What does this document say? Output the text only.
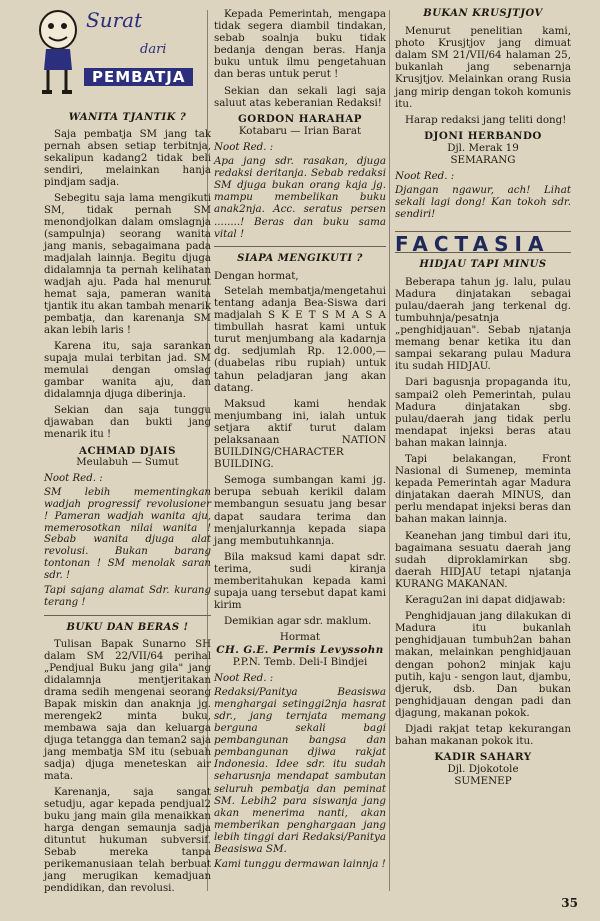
Surat
dari
PEMBATJA
WANITA TJANTIK ?

Saja pembatja SM jang tak pernah absen setiap terbitnja, sekalipun kadang2 tidak beli sendiri, melainkan hanja pindjam sadja.

Sebegitu saja lama mengikuti SM, tidak pernah SM menondjolkan dalam omslagnja (sampulnja) seorang wanita jang manis, sebagaimana pada madjalah lainnja. Begitu djuga didalamnja ta pernah kelihatan wadjah aju. Pada hal menurut hemat saja, pameran wanita tjantik itu akan tambah menarik pembatja, dan karenanja SM akan lebih laris !

Karena itu, saja sarankan supaja mulai terbitan jad. SM memulai dengan omslag gambar wanita aju, dan didalamnja djuga diberinja.

Sekian dan saja tunggu djawaban dan bukti jang menarik itu !

ACHMAD DJAIS
Meulabuh — Sumut
Noot Red. :

SM lebih mementingkan wadjah progressif revolusioner ! Pameran wadjah wanita aju, memerosotkan nilai wanita ! Sebab wanita djuga alat revolusi. Bukan barang tontonan ! SM menolak saran sdr. !

Tapi sajang alamat Sdr. kurang terang !

BUKU DAN BERAS !

Tulisan Bapak Sunarno SH dalam SM 22/VII/64 perihal „Pendjual Buku jang gila" jang didalamnja mentjeritakan drama sedih mengenai seorang Bapak miskin dan anaknja jg. merengek2 minta buku, membawa saja dan keluarga djuga tetangga dan teman2 saja jang membatja SM itu (sebuah sadja) djuga meneteskan air mata.

Karenanja, saja sangat setudju, agar kepada pendjual2 buku jang main gila menaikkan harga dengan semaunja sadja dituntut hukuman subversif. Sebab mereka tanpa perikemanusiaan telah berbuat jang merugikan kemadjuan pendidikan, dan revolusi.

Kepada Pemerintah, mengapa tidak segera diambil tindakan, sebab soalnja buku tidak bedanja dengan beras. Hanja buku untuk ilmu pengetahuan dan beras untuk perut !

Sekian dan sekali lagi saja saluut atas keberanian Redaksi!

GORDON HARAHAP
Kotabaru — Irian Barat
Noot Red. :

Apa jang sdr. rasakan, djuga redaksi deritanja. Sebab redaksi SM djuga bukan orang kaja jg. mampu membelikan buku anak2nja. Acc. seratus persen ........! Beras dan buku sama vital !

SIAPA MENGIKUTI ?

Dengan hormat,

Setelah membatja/mengetahui tentang adanja Bea-Siswa dari madjalah S K E T S M A S A timbullah hasrat kami untuk turut menjumbang ala kadarnja dg. sedjumlah Rp. 12.000,— (duabelas ribu rupiah) untuk tahun peladjaran jang akan datang.

Maksud kami hendak menjumbang ini, ialah untuk setjara aktif turut dalam pelaksanaan NATION BUILDING/CHARACTER BUILDING.

Semoga sumbangan kami jg. berupa sebuah kerikil dalam membangun sesuatu jang besar dapat saudara terima dan menjalurkannja kepada siapa jang membutuhkannja.

Bila maksud kami dapat sdr. terima, sudi kiranja memberitahukan kepada kami supaja uang tersebut dapat kami kirim

Demikian agar sdr. maklum.

Hormat
CH. G.E. Permis Levyssohn
P.P.N. Temb. Deli-I Bindjei
Noot Red. :

Redaksi/Panitya Beasiswa menghargai setinggi2nja hasrat sdr., jang ternjata memang berguna sekali bagi pembangunan bangsa dan pembangunan djiwa rakjat Indonesia. Idee sdr. itu sudah seharusnja mendapat sambutan seluruh pembatja dan peminat SM. Lebih2 para siswanja jang akan menerima nanti, akan memberikan penghargaan jang lebih tinggi dari Redaksi/Panitya Beasiswa SM.

Kami tunggu dermawan lainnja !

BUKAN KRUSJTJOV

Menurut penelitian kami, photo Krusjtjov jang dimuat dalam SM 21/VII/64 halaman 25, bukanlah jang sebenarnja Krusjtjov. Melainkan orang Rusia jang mirip dengan tokoh komunis itu.

Harap redaksi jang teliti dong!

DJONI HERBANDO
Djl. Merak 19
SEMARANG
Noot Red. :

Djangan ngawur, ach! Lihat sekali lagi dong! Kan tokoh sdr. sendiri!

FACTASIA
HIDJAU TAPI MINUS

Beberapa tahun jg. lalu, pulau Madura dinjatakan sebagai pulau/daerah jang terkenal dg. tumbuhnja/pesatnja „penghidjauan". Sebab njatanja memang benar ketika itu dan sampai sekarang pulau Madura itu sudah HIDJAU.

Dari bagusnja propaganda itu, sampai2 oleh Pemerintah, pulau Madura dinjatakan sbg. pulau/daerah jang tidak perlu mendapat injeksi beras atau bahan makan lainnja.

Tapi belakangan, Front Nasional di Sumenep, meminta kepada Pemerintah agar Madura dinjatakan daerah MINUS, dan perlu mendapat injeksi beras dan bahan makan lainnja.

Keanehan jang timbul dari itu, bagaimana sesuatu daerah jang sudah diproklamirkan sbg. daerah HIDJAU tetapi njatanja KURANG MAKANAN.

Keragu2an ini dapat didjawab:

Penghidjauan jang dilakukan di Madura itu bukanlah penghidjauan tumbuh2an bahan makan, melainkan penghidjauan dengan pohon2 minjak kaju putih, kaju - sengon laut, djambu, djeruk, dsb. Dan bukan penghidjauan dengan padi dan djagung, makanan pokok.

Djadi rakjat tetap kekurangan bahan makanan pokok itu.

KADIR SAHARY
Djl. Djokotole
SUMENEP
35
